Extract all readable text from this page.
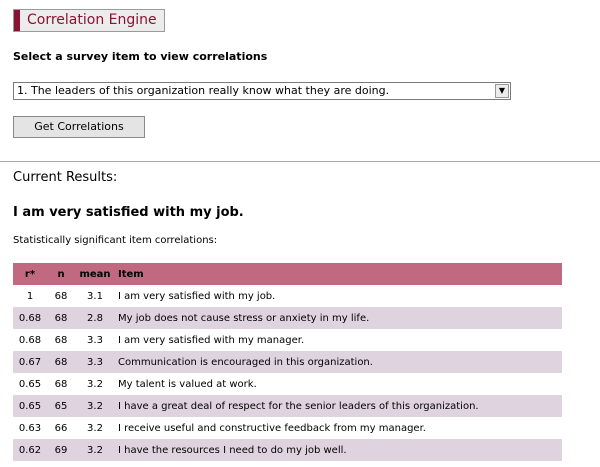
Correlation Engine
Select a survey item to view correlations
1. The leaders of this organization really know what they are doing.	▼
Get Correlations
Current Results:
I am very satisfied with my job.
Statistically significant item correlations:
r*	n	mean	Item
1	68	3.1	I am very satisfied with my job.
0.68	68	2.8	My job does not cause stress or anxiety in my life.
0.68	68	3.3	I am very satisfied with my manager.
0.67	68	3.3	Communication is encouraged in this organization.
0.65	68	3.2	My talent is valued at work.
0.65	65	3.2	I have a great deal of respect for the senior leaders of this organization.
0.63	66	3.2	I receive useful and constructive feedback from my manager.
0.62	69	3.2	I have the resources I need to do my job well.
